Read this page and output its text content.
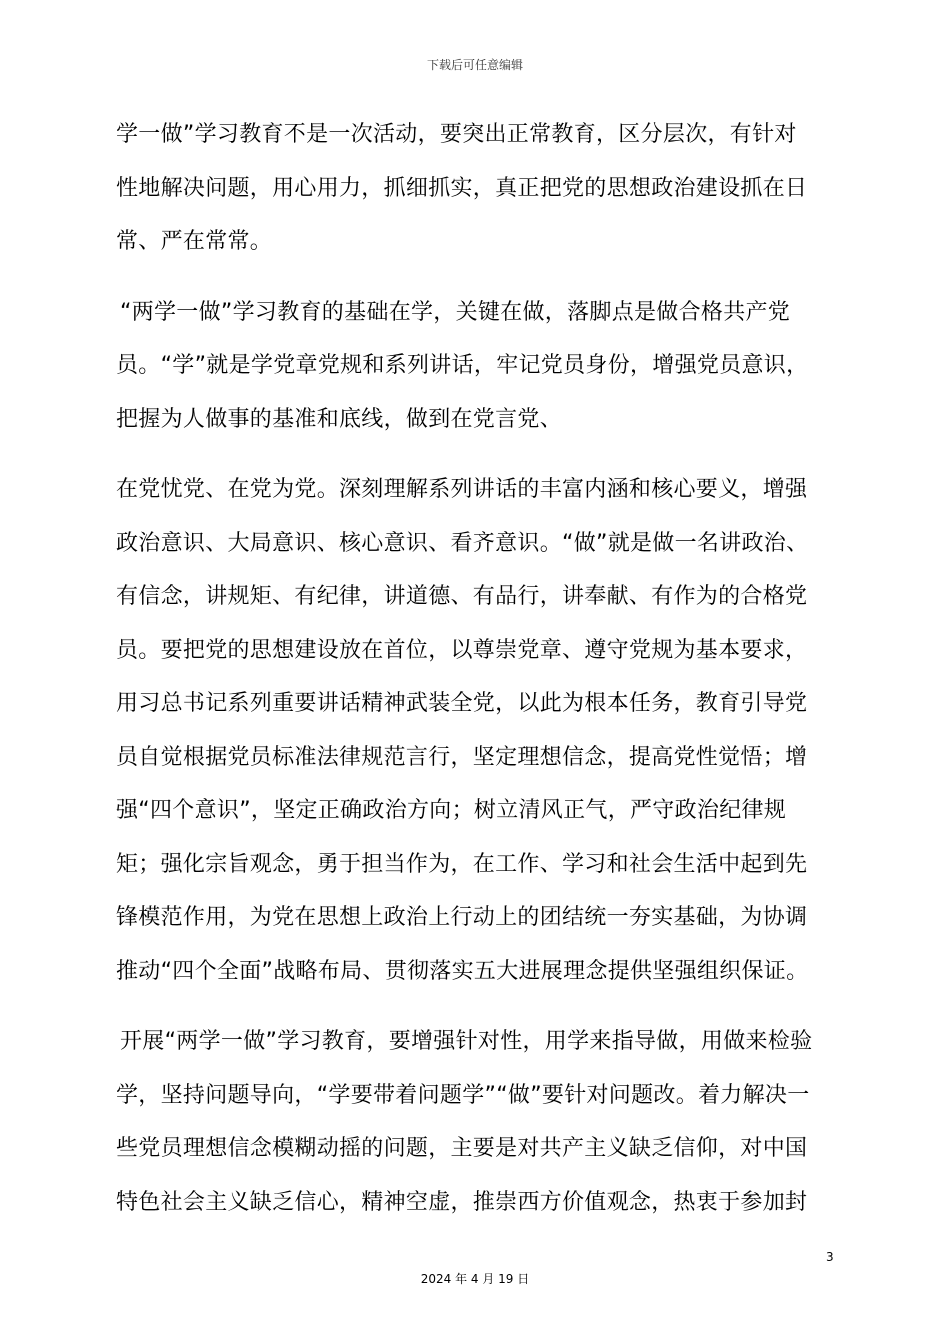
下载后可任意编辑
学一做”学习教育不是一次活动，要突出正常教育，区分层次，有针对
性地解决问题，用心用力，抓细抓实，真正把党的思想政治建设抓在日
常、严在常常。
“两学一做”学习教育的基础在学，关键在做，落脚点是做合格共产党
员。“学”就是学党章党规和系列讲话，牢记党员身份，增强党员意识，
把握为人做事的基准和底线，做到在党言党、
在党忧党、在党为党。深刻理解系列讲话的丰富内涵和核心要义，增强
政治意识、大局意识、核心意识、看齐意识。“做”就是做一名讲政治、
有信念，讲规矩、有纪律，讲道德、有品行，讲奉献、有作为的合格党
员。要把党的思想建设放在首位，以尊崇党章、遵守党规为基本要求，
用习总书记系列重要讲话精神武装全党，以此为根本任务，教育引导党
员自觉根据党员标准法律规范言行，坚定理想信念，提高党性觉悟；增
强“四个意识”，坚定正确政治方向；树立清风正气，严守政治纪律规
矩；强化宗旨观念，勇于担当作为，在工作、学习和社会生活中起到先
锋模范作用，为党在思想上政治上行动上的团结统一夯实基础，为协调
推动“四个全面”战略布局、贯彻落实五大进展理念提供坚强组织保证。
开展“两学一做”学习教育，要增强针对性，用学来指导做，用做来检验
学，坚持问题导向，“学要带着问题学”“做”要针对问题改。着力解决一
些党员理想信念模糊动摇的问题，主要是对共产主义缺乏信仰，对中国
特色社会主义缺乏信心，精神空虚，推崇西方价值观念，热衷于参加封
3
2024 年 4 月 19 日
